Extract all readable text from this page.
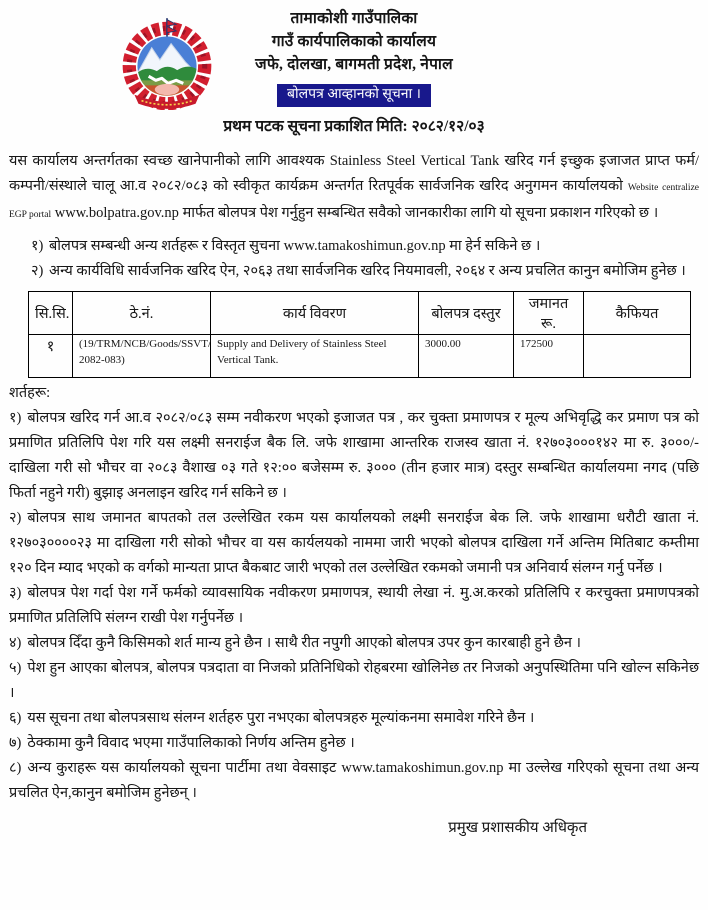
तामाकोशी गाउँपालिका
गाउँ कार्यपालिकाको कार्यालय
जफे, दोलखा, बागमती प्रदेश, नेपाल
बोलपत्र आव्हानको सूचना ।
प्रथम पटक सूचना प्रकाशित मिति: २०८२/१२/०३

यस कार्यालय अन्तर्गतका स्वच्छ खानेपानीको लागि आवश्यक Stainless Steel Vertical Tank खरिद गर्न इच्छुक इजाजत प्राप्त फर्म/कम्पनी/संस्थाले चालू आ.व २०८२/०८३ को स्वीकृत कार्यक्रम अन्तर्गत रितपूर्वक सार्वजनिक खरिद अनुगमन कार्यालयको Website centralize EGP portal www.bolpatra.gov.np मार्फत बोलपत्र पेश गर्नुहुन सम्बन्धित सवैको जानकारीका लागि यो सूचना प्रकाशन गरिएको छ ।

१) बोलपत्र सम्बन्धी अन्य शर्तहरू र विस्तृत सुचना www.tamakoshimun.gov.np मा हेर्न सकिने छ ।
२) अन्य कार्यविधि सार्वजनिक खरिद ऐन, २०६३ तथा सार्वजनिक खरिद नियमावली, २०६४ र अन्य प्रचलित कानुन बमोजिम हुनेछ ।
सि.सि.	ठे.नं.	कार्य विवरण	बोलपत्र दस्तुर	जमानत रू.	कैफियत
१	(19/TRM/NCB/Goods/SSVT/ 2082-083)	Supply and Delivery of Stainless Steel Vertical Tank.	3000.00	172500	
शर्तहरू:

१) बोलपत्र खरिद गर्न आ.व २०८२/०८३ सम्म नवीकरण भएको इजाजत पत्र , कर चुक्ता प्रमाणपत्र र मूल्य अभिवृद्धि कर प्रमाण पत्र को प्रमाणित प्रतिलिपि पेश गरि यस लक्ष्मी सनराईज बैक लि. जफे शाखामा आन्तरिक राजस्व खाता नं. १२७०३०००१४२ मा रु. ३०००/- दाखिला गरी सो भौचर वा २०८३ वैशाख ०३ गते १२:०० बजेसम्म रु. ३००० (तीन हजार मात्र) दस्तुर सम्बन्धित कार्यालयमा नगद (पछि फिर्ता नहुने गरी) बुझाइ अनलाइन खरिद गर्न सकिने छ ।

२) बोलपत्र साथ जमानत बापतको तल उल्लेखित रकम यस कार्यालयको लक्ष्मी सनराईज बेक लि. जफे शाखामा धरौटी खाता नं. १२७०३००००२३ मा दाखिला गरी सोको भौचर वा यस कार्यलयको नाममा जारी भएको बोलपत्र दाखिला गर्ने अन्तिम मितिबाट कम्तीमा १२० दिन म्याद भएको क वर्गको मान्यता प्राप्त बैकबाट जारी भएको तल उल्लेखित रकमको जमानी पत्र अनिवार्य संलग्न गर्नु पर्नेछ ।

३) बोलपत्र पेश गर्दा पेश गर्ने फर्मको व्यावसायिक नवीकरण प्रमाणपत्र, स्थायी लेखा नं. मु.अ.करको प्रतिलिपि र करचुक्ता प्रमाणपत्रको प्रमाणित प्रतिलिपि संलग्न राखी पेश गर्नुपर्नेछ ।

४) बोलपत्र दिँदा कुनै किसिमको शर्त मान्य हुने छैन । साथै रीत नपुगी आएको बोलपत्र उपर कुन कारबाही हुने छैन ।

५) पेश हुन आएका बोलपत्र, बोलपत्र पत्रदाता वा निजको प्रतिनिधिको रोहबरमा खोलिनेछ तर निजको अनुपस्थितिमा पनि खोल्न सकिनेछ ।

६) यस सूचना तथा बोलपत्रसाथ संलग्न शर्तहरु पुरा नभएका बोलपत्रहरु मूल्यांकनमा समावेश गरिने छैन ।

७) ठेक्कामा कुनै विवाद भएमा गाउँपालिकाको निर्णय अन्तिम हुनेछ ।

८) अन्य कुराहरू यस कार्यालयको सूचना पार्टीमा तथा वेवसाइट www.tamakoshimun.gov.np मा उल्लेख गरिएको सूचना तथा अन्य प्रचलित ऐन,कानुन बमोजिम हुनेछन् ।

प्रमुख प्रशासकीय अधिकृत
